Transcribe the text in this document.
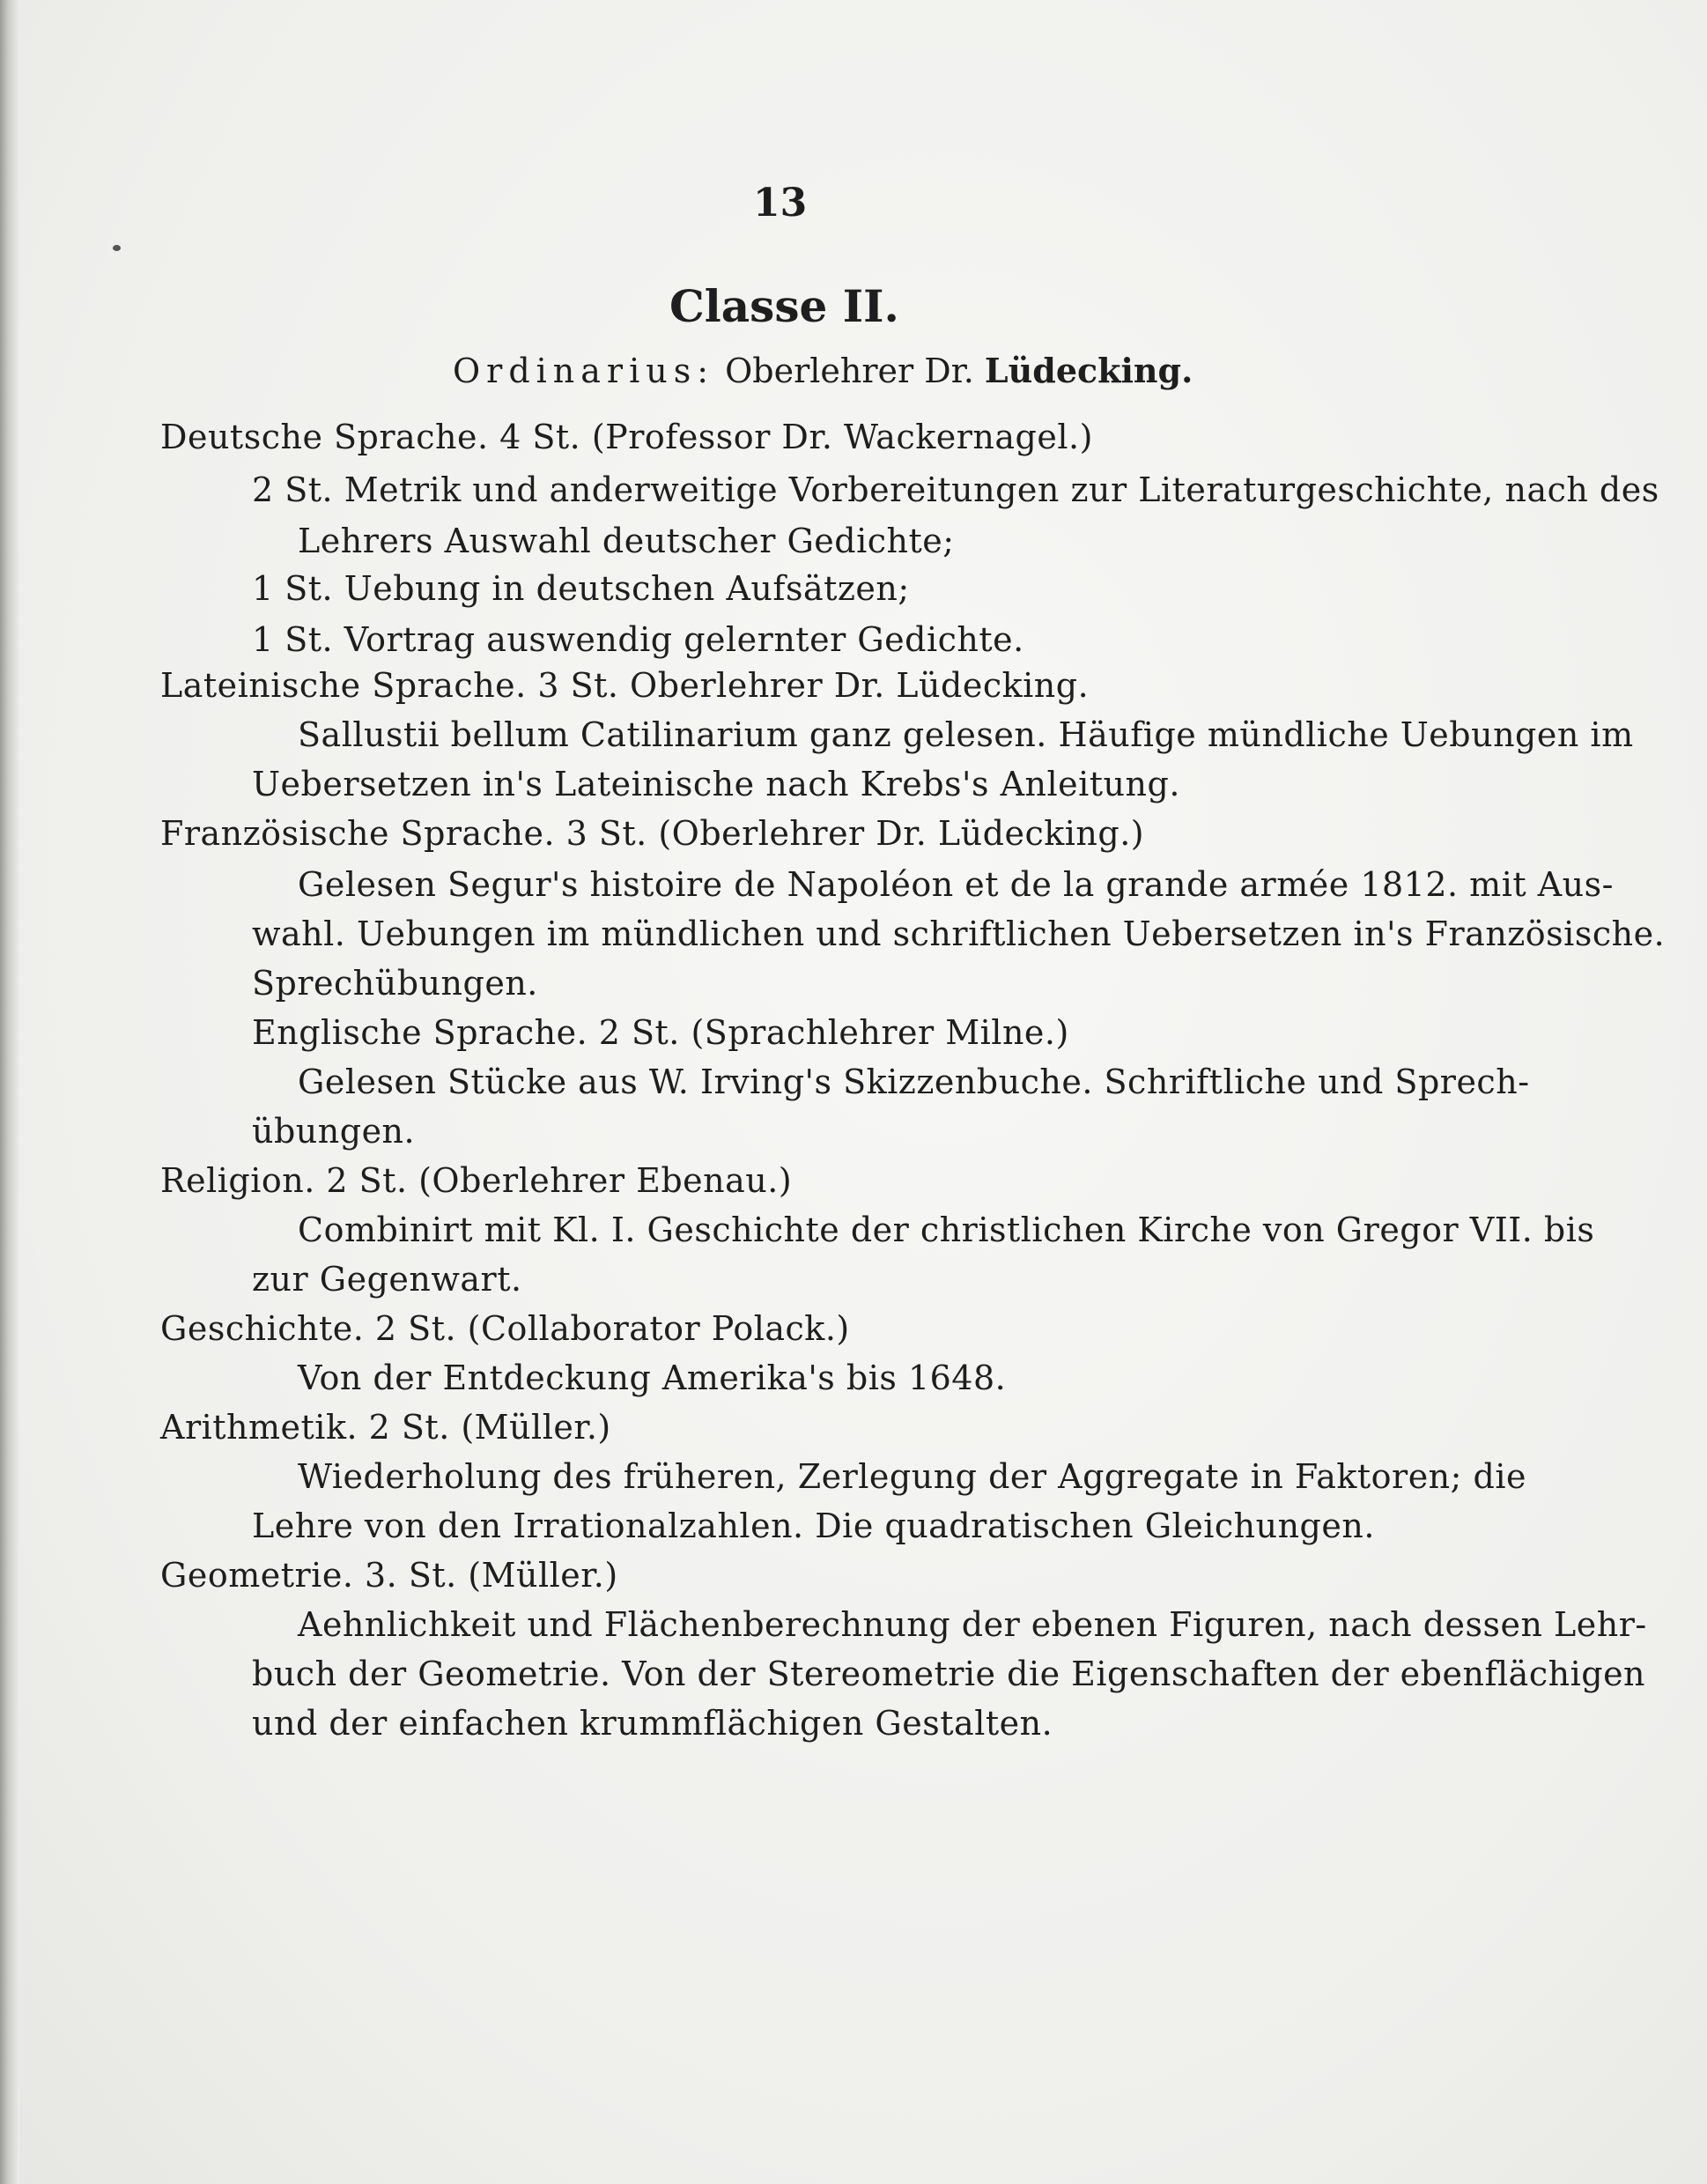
13
Classe II.
Ordinarius: Oberlehrer Dr. Lüdecking.
Deutsche Sprache. 4 St. (Professor Dr. Wackernagel.)
2 St. Metrik und anderweitige Vorbereitungen zur Literaturgeschichte, nach des
Lehrers Auswahl deutscher Gedichte;
1 St. Uebung in deutschen Aufsätzen;
1 St. Vortrag auswendig gelernter Gedichte.
Lateinische Sprache. 3 St. Oberlehrer Dr. Lüdecking.
Sallustii bellum Catilinarium ganz gelesen. Häufige mündliche Uebungen im
Uebersetzen in's Lateinische nach Krebs's Anleitung.
Französische Sprache. 3 St. (Oberlehrer Dr. Lüdecking.)
Gelesen Segur's histoire de Napoléon et de la grande armée 1812. mit Aus-
wahl. Uebungen im mündlichen und schriftlichen Uebersetzen in's Französische.
Sprechübungen.
Englische Sprache. 2 St. (Sprachlehrer Milne.)
Gelesen Stücke aus W. Irving's Skizzenbuche. Schriftliche und Sprech-
übungen.
Religion. 2 St. (Oberlehrer Ebenau.)
Combinirt mit Kl. I. Geschichte der christlichen Kirche von Gregor VII. bis
zur Gegenwart.
Geschichte. 2 St. (Collaborator Polack.)
Von der Entdeckung Amerika's bis 1648.
Arithmetik. 2 St. (Müller.)
Wiederholung des früheren, Zerlegung der Aggregate in Faktoren; die
Lehre von den Irrationalzahlen. Die quadratischen Gleichungen.
Geometrie. 3. St. (Müller.)
Aehnlichkeit und Flächenberechnung der ebenen Figuren, nach dessen Lehr-
buch der Geometrie. Von der Stereometrie die Eigenschaften der ebenflächigen
und der einfachen krummflächigen Gestalten.
